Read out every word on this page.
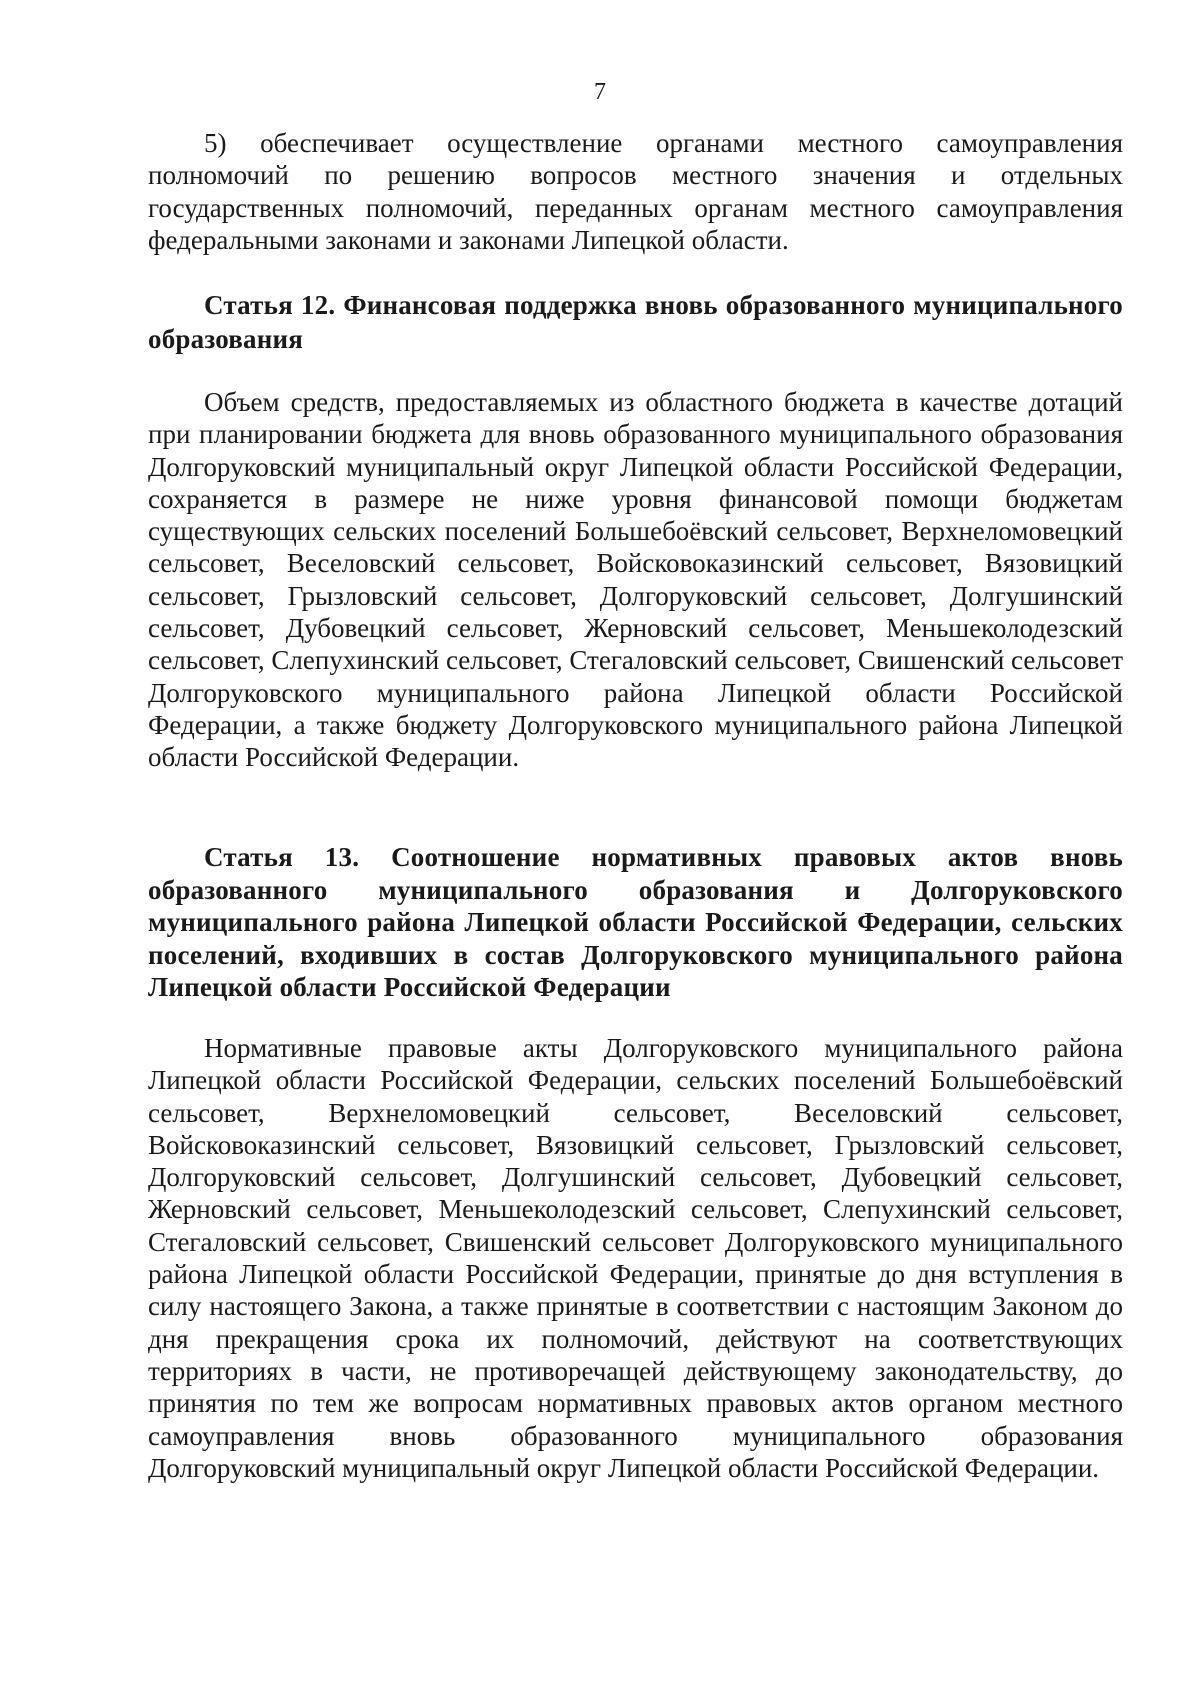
7

5) обеспечивает осуществление органами местного самоуправления полномочий по решению вопросов местного значения и отдельных государственных полномочий, переданных органам местного самоуправления федеральными законами и законами Липецкой области.

Статья 12. Финансовая поддержка вновь образованного муниципального образования

Объем средств, предоставляемых из областного бюджета в качестве дотаций при планировании бюджета для вновь образованного муниципального образования Долгоруковский муниципальный округ Липецкой области Российской Федерации, сохраняется в размере не ниже уровня финансовой помощи бюджетам существующих сельских поселений Большебоёвский сельсовет, Верхнеломовецкий сельсовет, Веселовский сельсовет, Войсковоказинский сельсовет, Вязовицкий сельсовет, Грызловский сельсовет, Долгоруковский сельсовет, Долгушинский сельсовет, Дубовецкий сельсовет, Жерновский сельсовет, Меньшеколодезский сельсовет, Слепухинский сельсовет, Стегаловский сельсовет, Свишенский сельсовет Долгоруковского муниципального района Липецкой области Российской Федерации, а также бюджету Долгоруковского муниципального района Липецкой области Российской Федерации.

Статья 13. Соотношение нормативных правовых актов вновь образованного муниципального образования и Долгоруковского муниципального района Липецкой области Российской Федерации, сельских поселений, входивших в состав Долгоруковского муниципального района Липецкой области Российской Федерации

Нормативные правовые акты Долгоруковского муниципального района Липецкой области Российской Федерации, сельских поселений Большебоёвский сельсовет, Верхнеломовецкий сельсовет, Веселовский сельсовет, Войсковоказинский сельсовет, Вязовицкий сельсовет, Грызловский сельсовет, Долгоруковский сельсовет, Долгушинский сельсовет, Дубовецкий сельсовет, Жерновский сельсовет, Меньшеколодезский сельсовет, Слепухинский сельсовет, Стегаловский сельсовет, Свишенский сельсовет Долгоруковского муниципального района Липецкой области Российской Федерации, принятые до дня вступления в силу настоящего Закона, а также принятые в соответствии с настоящим Законом до дня прекращения срока их полномочий, действуют на соответствующих территориях в части, не противоречащей действующему законодательству, до принятия по тем же вопросам нормативных правовых актов органом местного самоуправления вновь образованного муниципального образования Долгоруковский муниципальный округ Липецкой области Российской Федерации.
